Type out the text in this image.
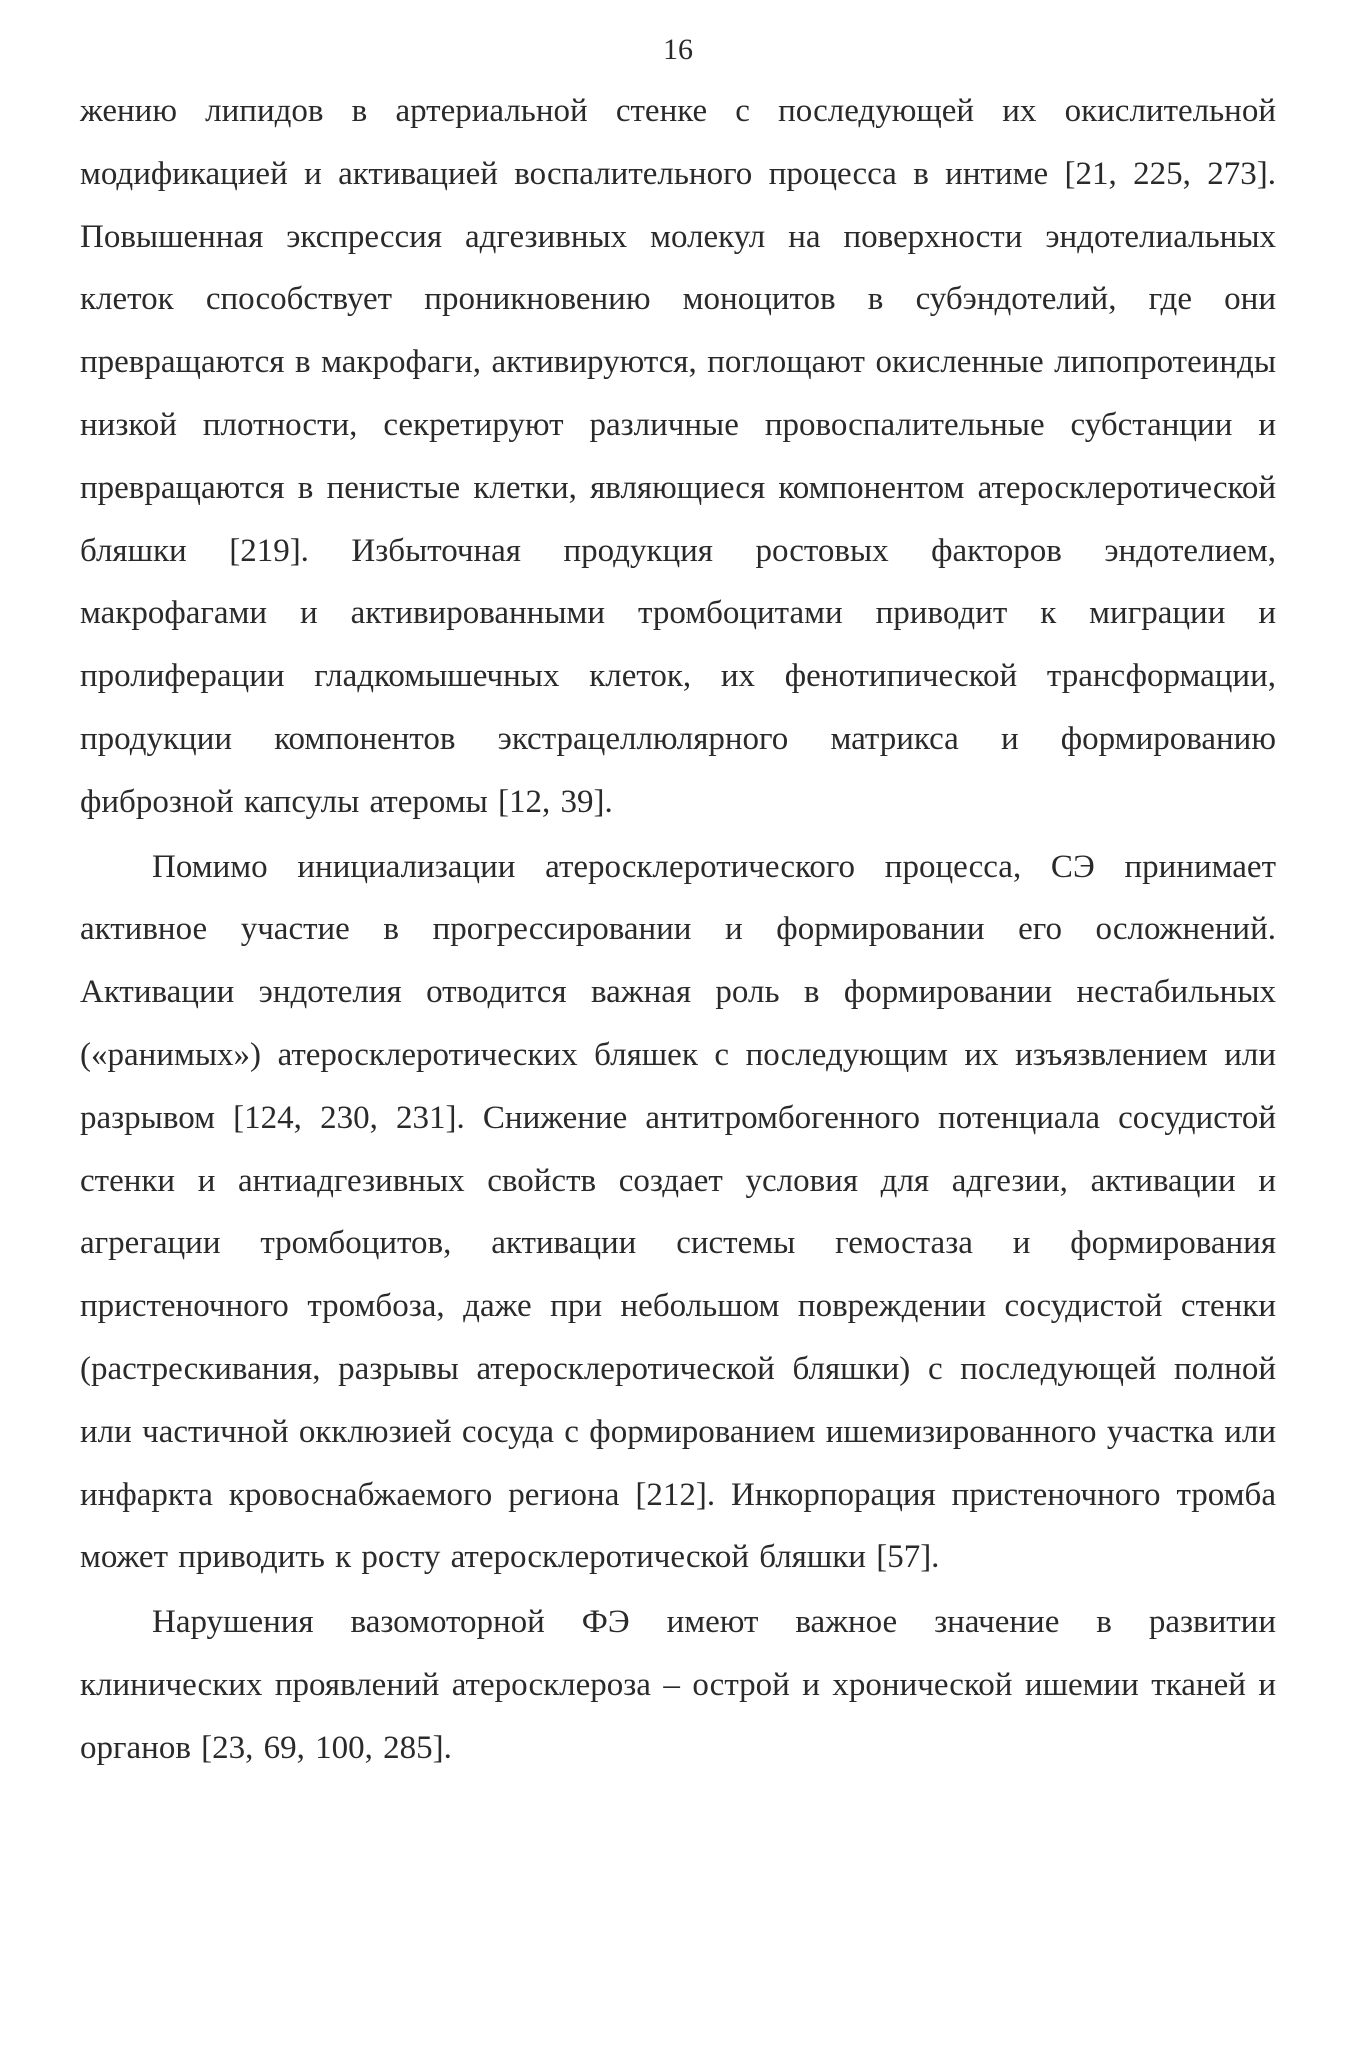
16

жению липидов в артериальной стенке с последующей их окислительной модификацией и активацией воспалительного процесса в интиме [21, 225, 273]. Повышенная экспрессия адгезивных молекул на поверхности эндотелиальных клеток способствует проникновению моноцитов в субэндотелий, где они превращаются в макрофаги, активируются, поглощают окисленные липопротеинды низкой плотности, секретируют различные провоспалительные субстанции и превращаются в пенистые клетки, являющиеся компонентом атеросклеротической бляшки [219]. Избыточная продукция ростовых факторов эндотелием, макрофагами и активированными тромбоцитами приводит к миграции и пролиферации гладкомышечных клеток, их фенотипической трансформации, продукции компонентов экстрацеллюлярного матрикса и формированию фиброзной капсулы атеромы [12, 39].

Помимо инициализации атеросклеротического процесса, СЭ принимает активное участие в прогрессировании и формировании его осложнений. Активации эндотелия отводится важная роль в формировании нестабильных («ранимых») атеросклеротических бляшек с последующим их изъязвлением или разрывом [124, 230, 231]. Снижение антитромбогенного потенциала сосудистой стенки и антиадгезивных свойств создает условия для адгезии, активации и агрегации тромбоцитов, активации системы гемостаза и формирования пристеночного тромбоза, даже при небольшом повреждении сосудистой стенки (растрескивания, разрывы атеросклеротической бляшки) с последующей полной или частичной окклюзией сосуда с формированием ишемизированного участка или инфаркта кровоснабжаемого региона [212]. Инкорпорация пристеночного тромба может приводить к росту атеросклеротической бляшки [57].

Нарушения вазомоторной ФЭ имеют важное значение в развитии клинических проявлений атеросклероза – острой и хронической ишемии тканей и органов [23, 69, 100, 285].
